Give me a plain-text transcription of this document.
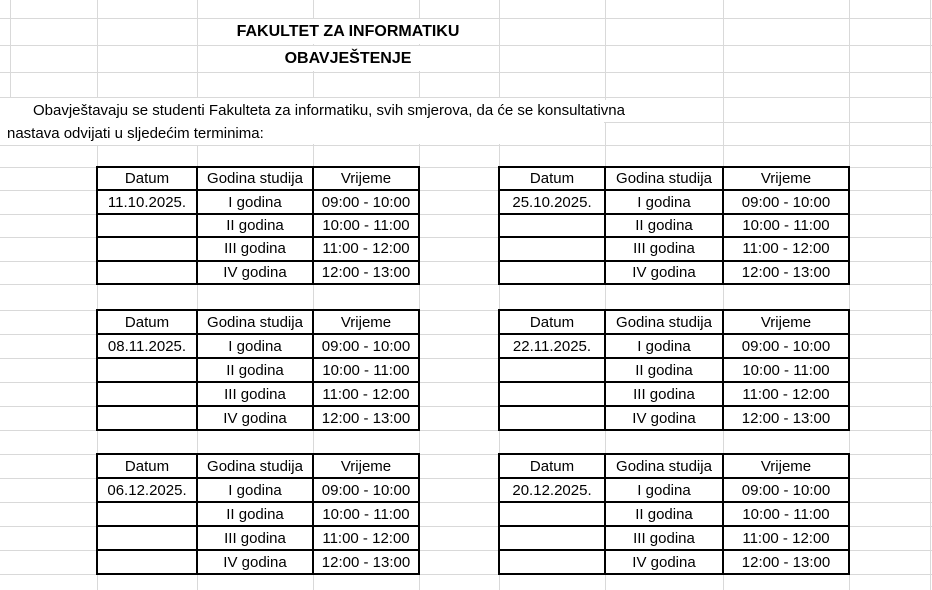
FAKULTET ZA INFORMATIKU
OBAVJEŠTENJE
Obavještavaju se studenti Fakulteta za informatiku, svih smjerova, da će se konsultativna
nastava odvijati u sljedećim terminima:
Datum	Godina studija	Vrijeme
11.10.2025.	I godina	09:00 - 10:00
	II godina	10:00 - 11:00
	III godina	11:00 - 12:00
	IV godina	12:00 - 13:00
Datum	Godina studija	Vrijeme
25.10.2025.	I godina	09:00 - 10:00
	II godina	10:00 - 11:00
	III godina	11:00 - 12:00
	IV godina	12:00 - 13:00
Datum	Godina studija	Vrijeme
08.11.2025.	I godina	09:00 - 10:00
	II godina	10:00 - 11:00
	III godina	11:00 - 12:00
	IV godina	12:00 - 13:00
Datum	Godina studija	Vrijeme
22.11.2025.	I godina	09:00 - 10:00
	II godina	10:00 - 11:00
	III godina	11:00 - 12:00
	IV godina	12:00 - 13:00
Datum	Godina studija	Vrijeme
06.12.2025.	I godina	09:00 - 10:00
	II godina	10:00 - 11:00
	III godina	11:00 - 12:00
	IV godina	12:00 - 13:00
Datum	Godina studija	Vrijeme
20.12.2025.	I godina	09:00 - 10:00
	II godina	10:00 - 11:00
	III godina	11:00 - 12:00
	IV godina	12:00 - 13:00
